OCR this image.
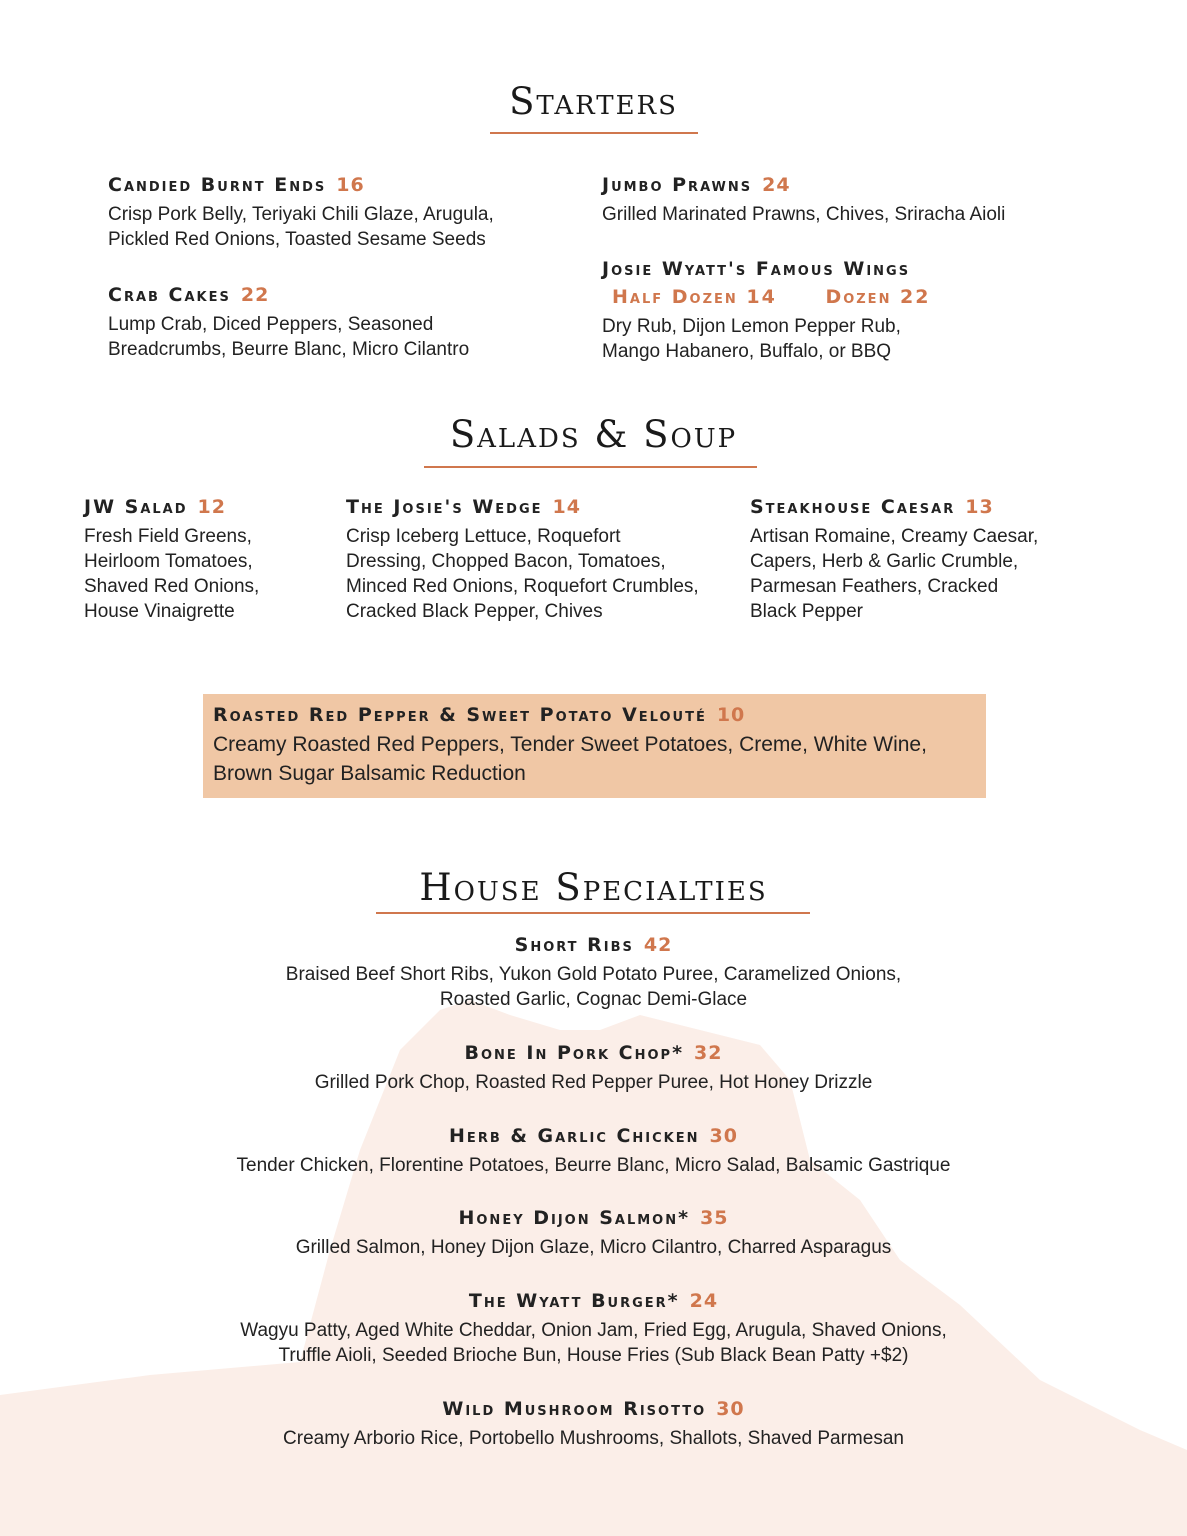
Starters

Candied Burnt Ends 16

Crisp Pork Belly, Teriyaki Chili Glaze, Arugula,
Pickled Red Onions, Toasted Sesame Seeds

Crab Cakes 22

Lump Crab, Diced Peppers, Seasoned
Breadcrumbs, Beurre Blanc, Micro Cilantro

Jumbo Prawns 24

Grilled Marinated Prawns, Chives, Sriracha Aioli

Josie Wyatt's Famous Wings

Half Dozen 14	Dozen 22

Dry Rub, Dijon Lemon Pepper Rub,
Mango Habanero, Buffalo, or BBQ

Salads & Soup

JW Salad 12

Fresh Field Greens,
Heirloom Tomatoes,
Shaved Red Onions,
House Vinaigrette

The Josie's Wedge 14

Crisp Iceberg Lettuce, Roquefort
Dressing, Chopped Bacon, Tomatoes,
Minced Red Onions, Roquefort Crumbles,
Cracked Black Pepper, Chives

Steakhouse Caesar 13

Artisan Romaine, Creamy Caesar,
Capers, Herb & Garlic Crumble,
Parmesan Feathers, Cracked
Black Pepper

Roasted Red Pepper & Sweet Potato Velouté 10

Creamy Roasted Red Peppers, Tender Sweet Potatoes, Creme, White Wine,
Brown Sugar Balsamic Reduction

House Specialties

Short Ribs 42

Braised Beef Short Ribs, Yukon Gold Potato Puree, Caramelized Onions,
Roasted Garlic, Cognac Demi-Glace

Bone In Pork Chop* 32

Grilled Pork Chop, Roasted Red Pepper Puree, Hot Honey Drizzle

Herb & Garlic Chicken 30

Tender Chicken, Florentine Potatoes, Beurre Blanc, Micro Salad, Balsamic Gastrique

Honey Dijon Salmon* 35

Grilled Salmon, Honey Dijon Glaze, Micro Cilantro, Charred Asparagus

The Wyatt Burger* 24

Wagyu Patty, Aged White Cheddar, Onion Jam, Fried Egg, Arugula, Shaved Onions,
Truffle Aioli, Seeded Brioche Bun, House Fries (Sub Black Bean Patty +$2)

Wild Mushroom Risotto 30

Creamy Arborio Rice, Portobello Mushrooms, Shallots, Shaved Parmesan
